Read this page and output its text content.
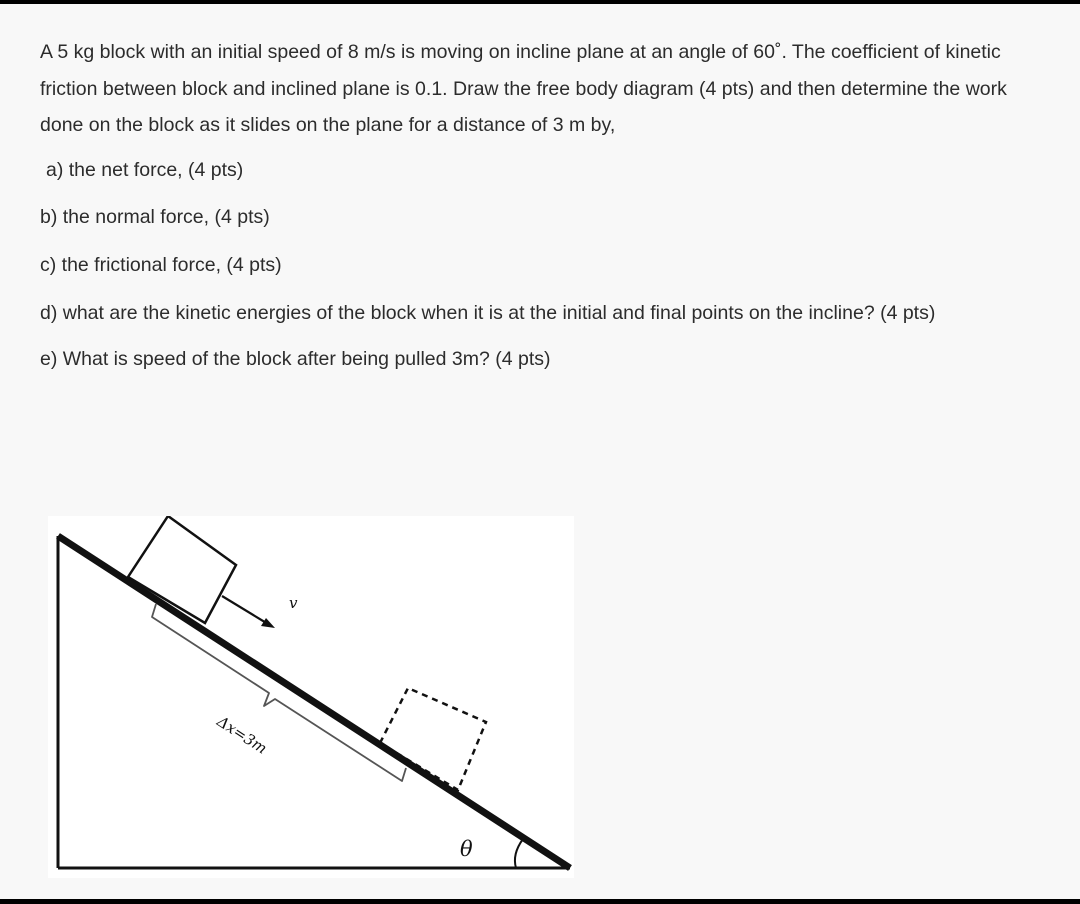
A 5 kg block with an initial speed of 8 m/s is moving on incline plane at an angle of 60˚. The coefficient of kinetic friction between block and inclined plane is 0.1. Draw the free body diagram (4 pts) and then determine the work done on the block as it slides on the plane for a distance of 3 m by,

a) the net force, (4 pts)

b) the normal force, (4 pts)

c) the frictional force, (4 pts)

d) what are the kinetic energies of the block when it is at the initial and final points on the incline? (4 pts)

e) What is speed of the block after being pulled 3m? (4 pts)

v
Δx=3m
θ
